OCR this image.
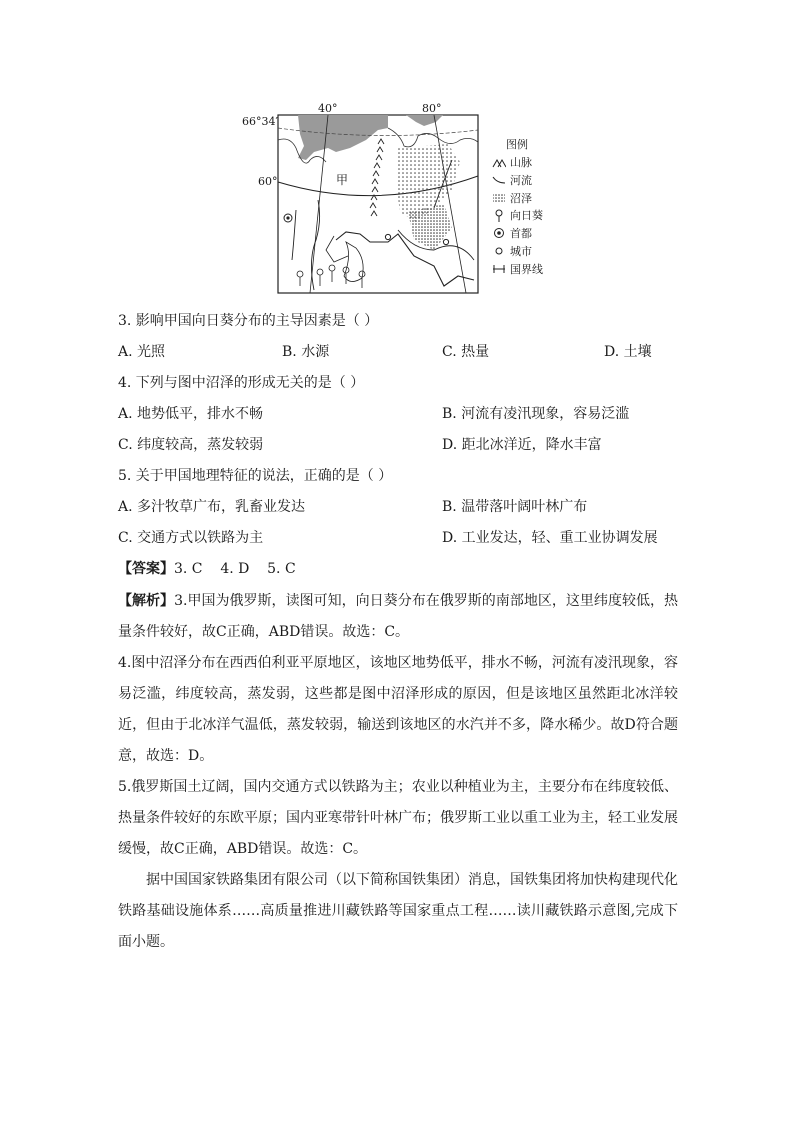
66°34′
60°
40°	80°
甲
图例
山脉
河流
沼泽
向日葵
首都
城市
国界线
3. 影响甲国向日葵分布的主导因素是（ ）
A. 光照	B. 水源	C. 热量	D. 土壤
4. 下列与图中沼泽的形成无关的是（ ）
A. 地势低平，排水不畅	B. 河流有凌汛现象，容易泛滥
C. 纬度较高，蒸发较弱	D. 距北冰洋近，降水丰富
5. 关于甲国地理特征的说法，正确的是（ ）
A. 多汁牧草广布，乳畜业发达	B. 温带落叶阔叶林广布
C. 交通方式以铁路为主	D. 工业发达，轻、重工业协调发展
【答案】3. C    4. D    5. C

【解析】3.甲国为俄罗斯，读图可知，向日葵分布在俄罗斯的南部地区，这里纬度较低，热量条件较好，故C正确，ABD错误。故选：C。

4.图中沼泽分布在西西伯利亚平原地区，该地区地势低平，排水不畅，河流有凌汛现象，容易泛滥，纬度较高，蒸发弱，这些都是图中沼泽形成的原因，但是该地区虽然距北冰洋较近，但由于北冰洋气温低，蒸发较弱，输送到该地区的水汽并不多，降水稀少。故D符合题意，故选：D。

5.俄罗斯国土辽阔，国内交通方式以铁路为主；农业以种植业为主，主要分布在纬度较低、热量条件较好的东欧平原；国内亚寒带针叶林广布；俄罗斯工业以重工业为主，轻工业发展缓慢，故C正确，ABD错误。故选：C。

据中国国家铁路集团有限公司（以下简称国铁集团）消息，国铁集团将加快构建现代化铁路基础设施体系……高质量推进川藏铁路等国家重点工程……读川藏铁路示意图,完成下面小题。
